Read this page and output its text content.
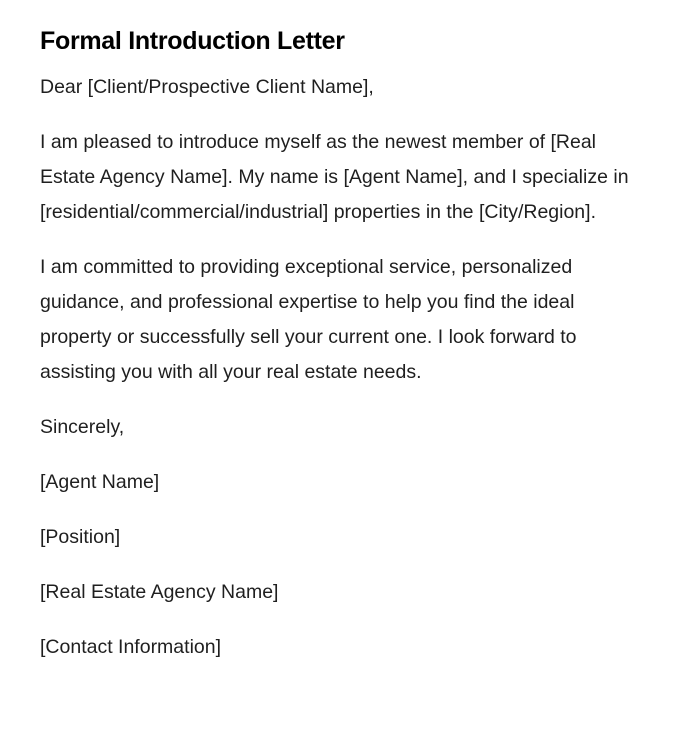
Formal Introduction Letter

Dear [Client/Prospective Client Name],

I am pleased to introduce myself as the newest member of [Real Estate Agency Name]. My name is [Agent Name], and I specialize in [residential/commercial/industrial] properties in the [City/Region].

I am committed to providing exceptional service, personalized guidance, and professional expertise to help you find the ideal property or successfully sell your current one. I look forward to assisting you with all your real estate needs.

Sincerely,

[Agent Name]

[Position]

[Real Estate Agency Name]

[Contact Information]
